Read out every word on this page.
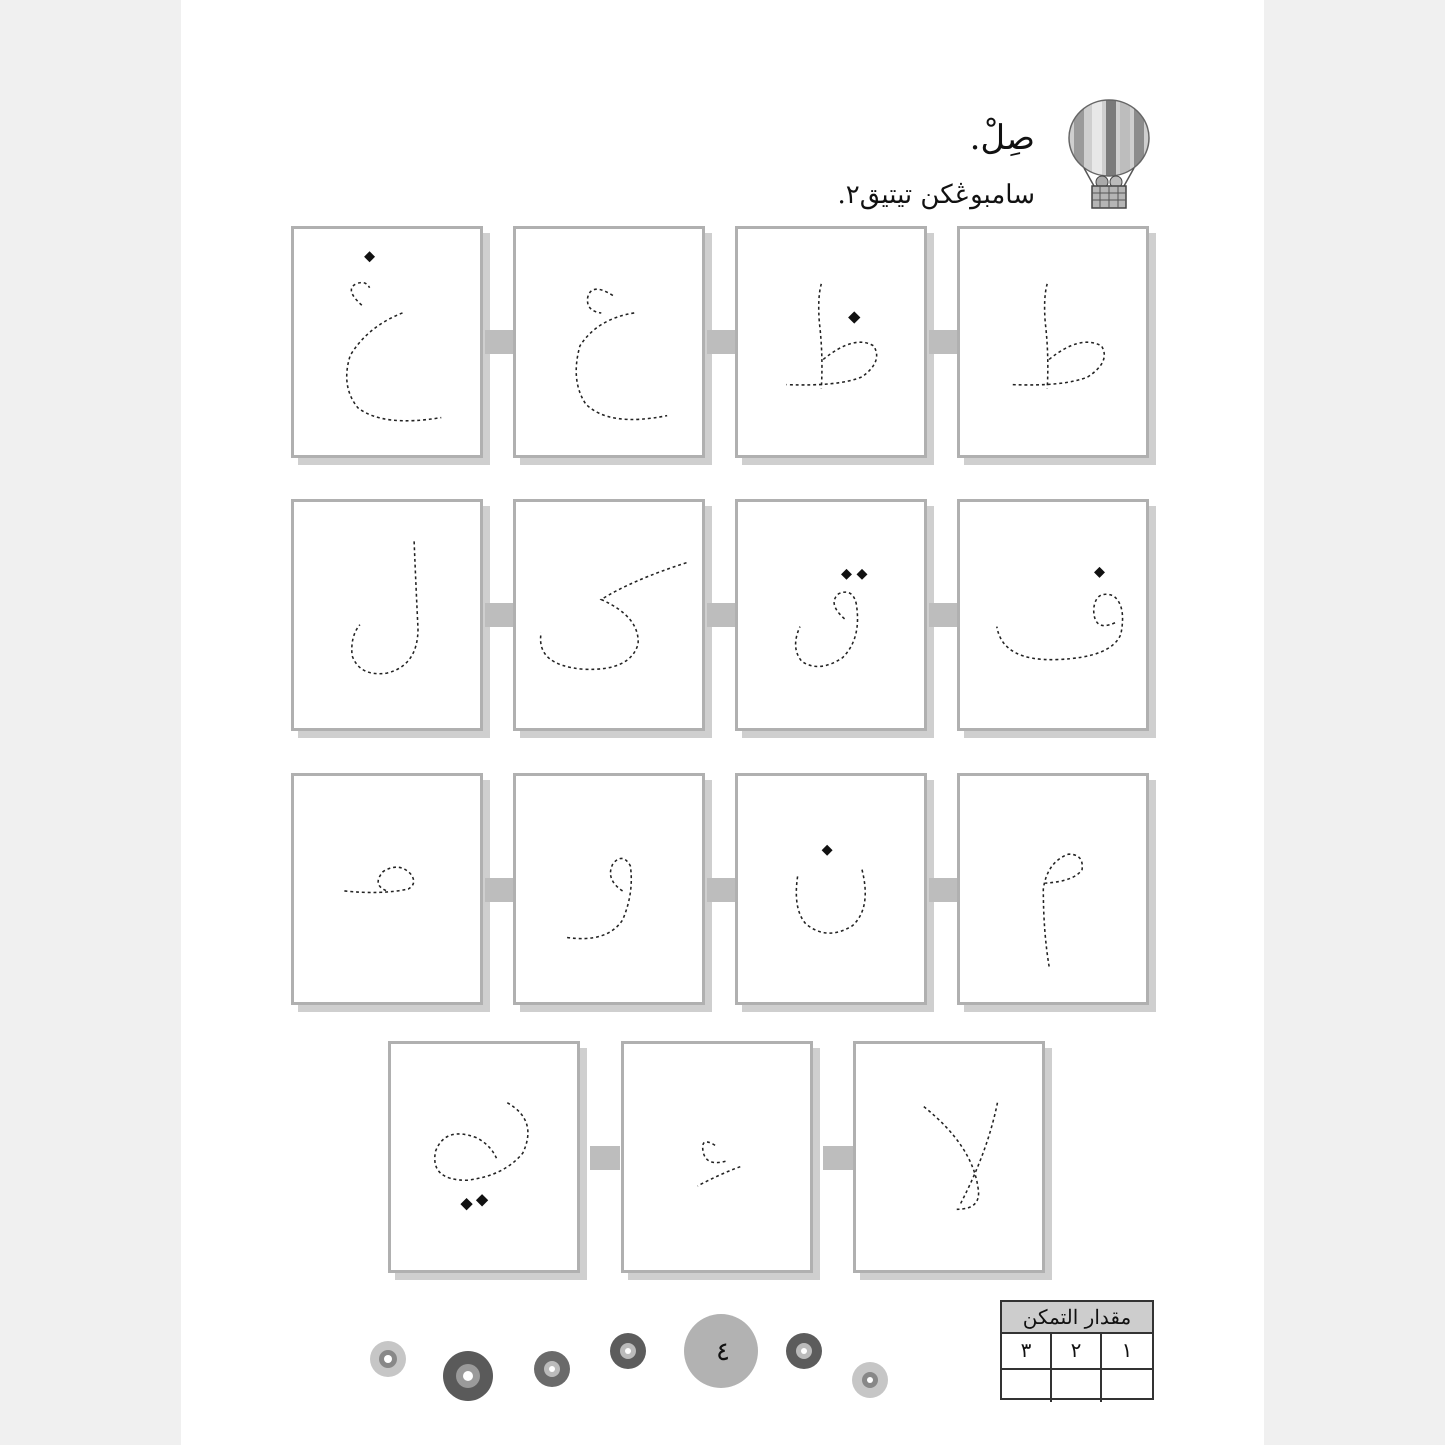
صِلْ.
سامبوڠكن تيتيق٢.
مقدار التمكن
٣	٢	١
٤
